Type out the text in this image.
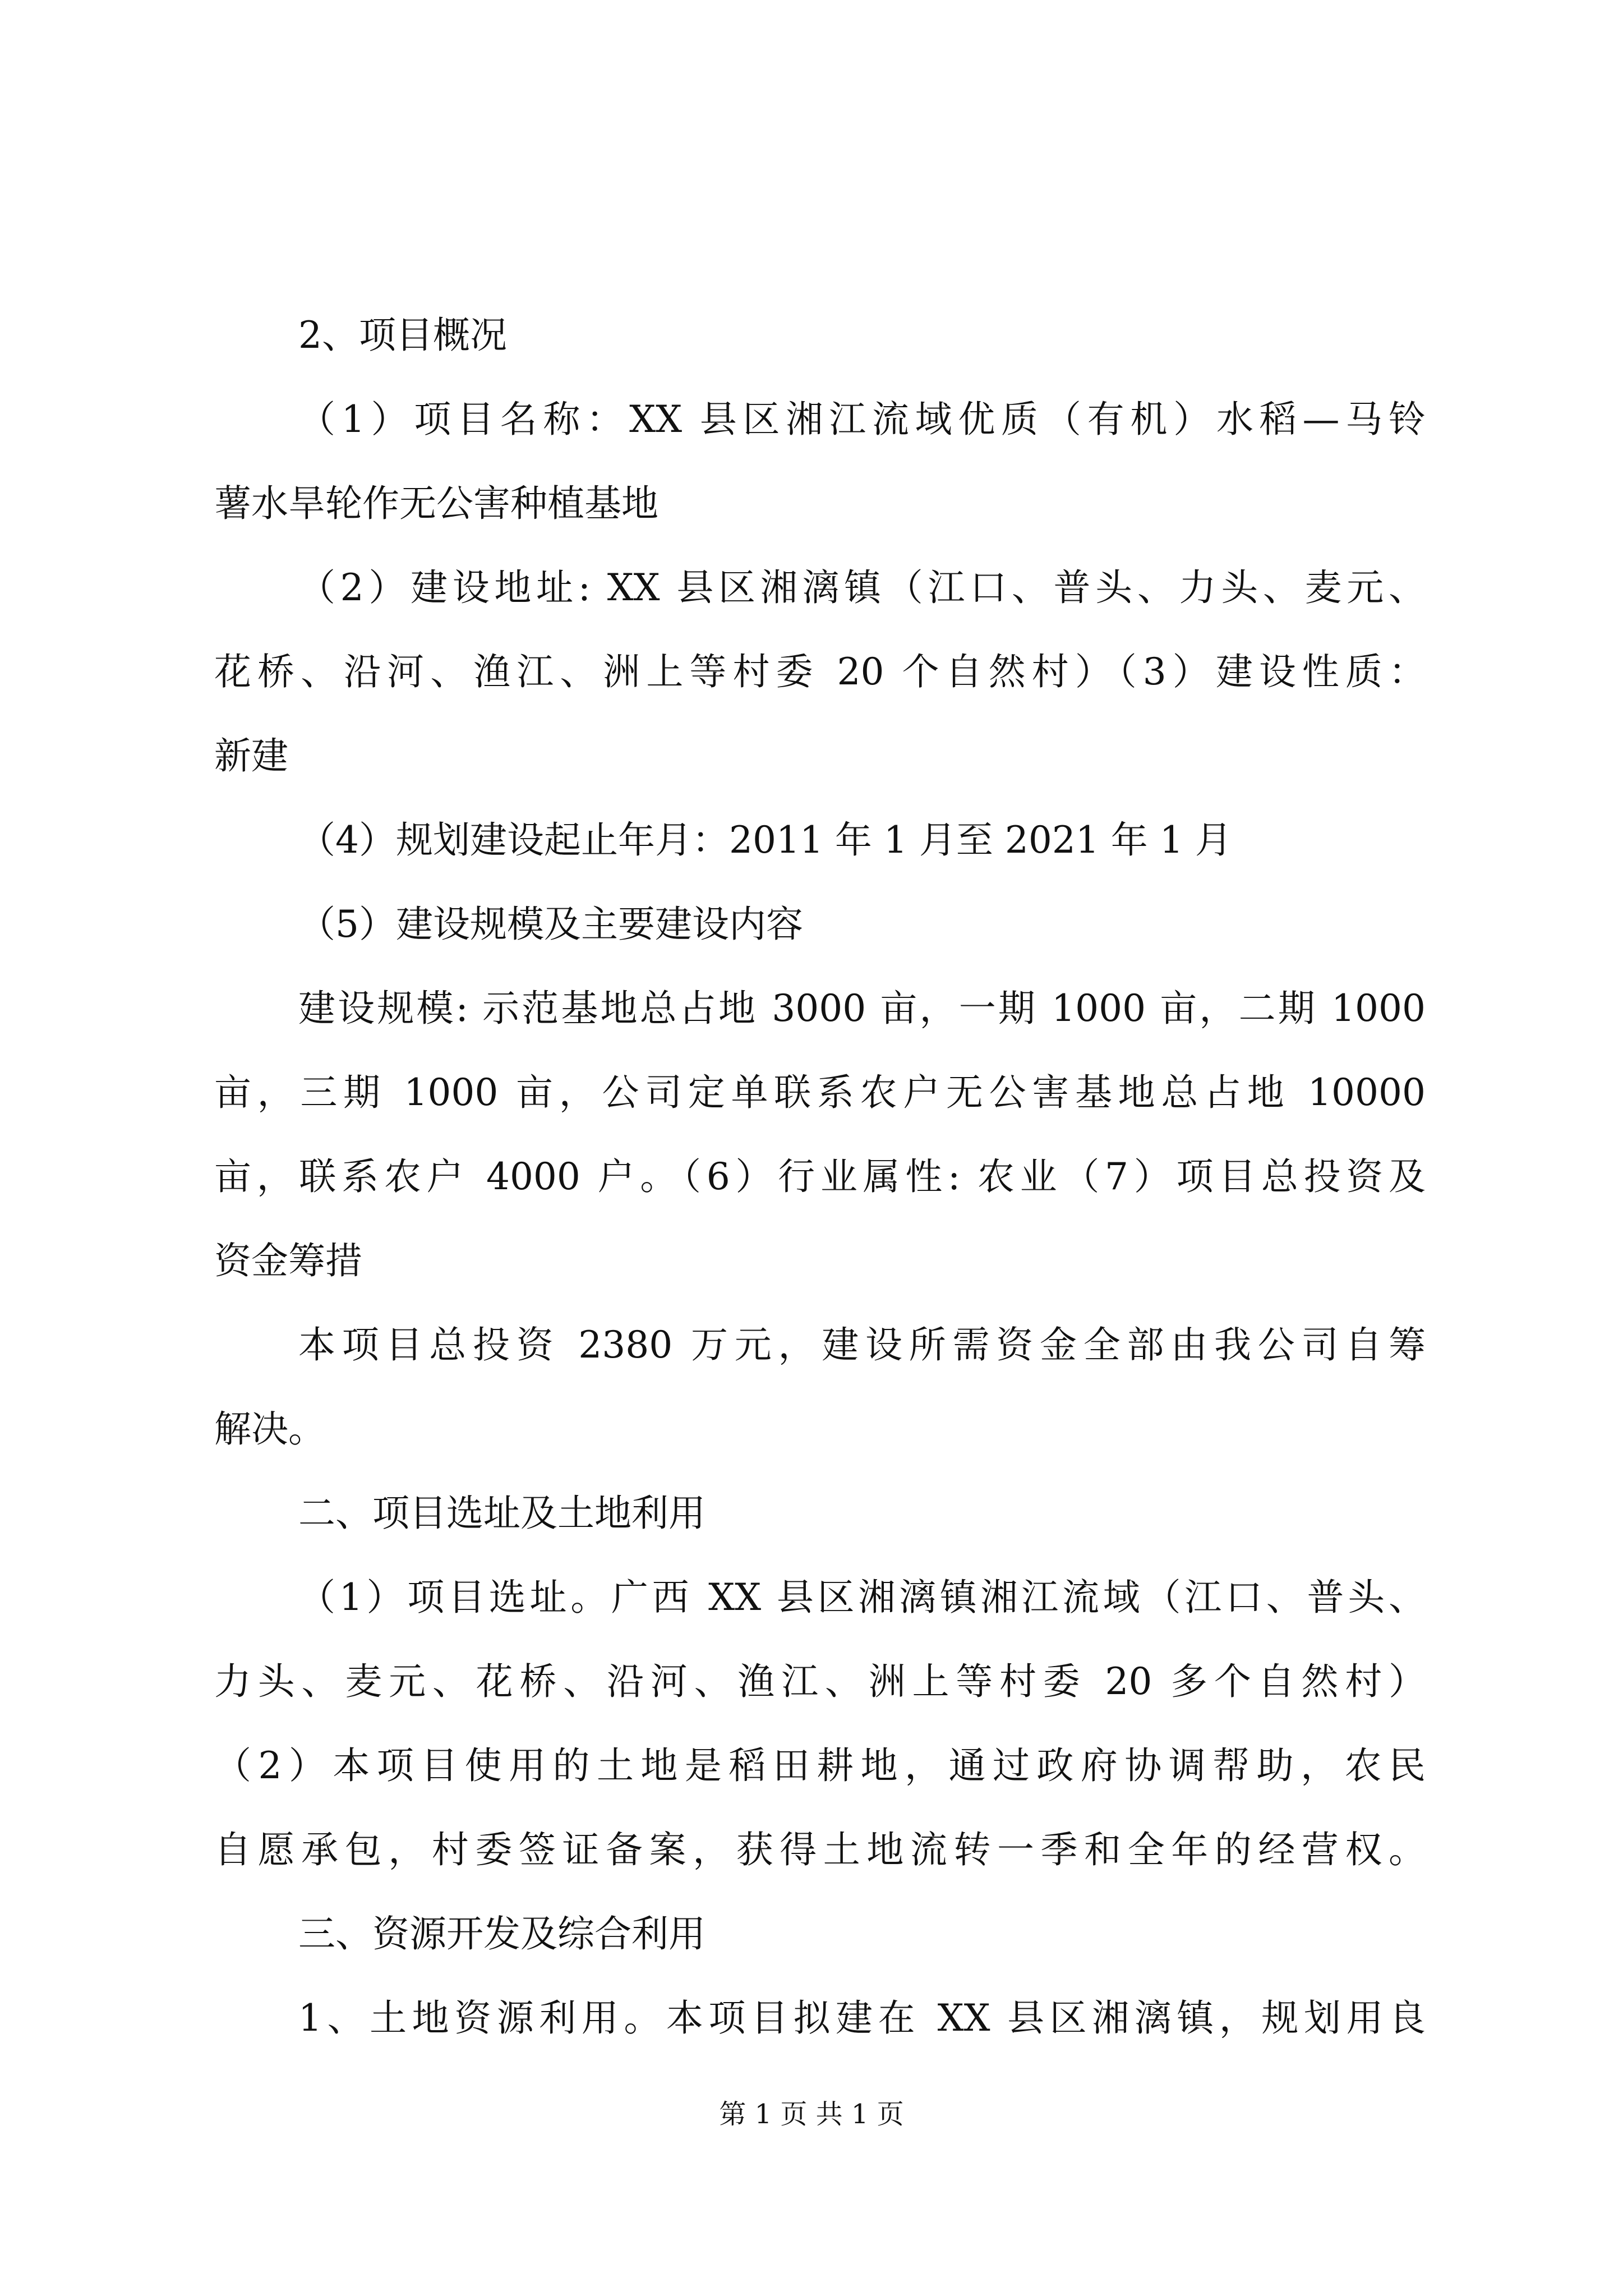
2、项目概况
（1）项目名称：XX 县区湘江流域优质（有机）水稻—马铃
薯水旱轮作无公害种植基地
（2）建设地址: XX 县区湘漓镇（江口、普头、力头、麦元、
花桥、沿河、渔江、洲上等村委 20 个自然村）（3）建设性质：
新建
（4）规划建设起止年月：2011 年 1 月至 2021 年 1 月
（5）建设规模及主要建设内容
建设规模: 示范基地总占地 3000 亩，一期 1000 亩，二期 1000
亩，三期 1000 亩，公司定单联系农户无公害基地总占地 10000
亩，联系农户 4000 户。（6）行业属性: 农业（7）项目总投资及
资金筹措
本项目总投资 2380 万元，建设所需资金全部由我公司自筹
解决。
二、项目选址及土地利用
（1）项目选址。广西 XX 县区湘漓镇湘江流域（江口、普头、
力头、麦元、花桥、沿河、渔江、洲上等村委 20 多个自然村）
（2）本项目使用的土地是稻田耕地，通过政府协调帮助，农民
自愿承包，村委签证备案，获得土地流转一季和全年的经营权。
三、资源开发及综合利用
1、土地资源利用。本项目拟建在 XX 县区湘漓镇，规划用良
第 1 页 共 1 页
